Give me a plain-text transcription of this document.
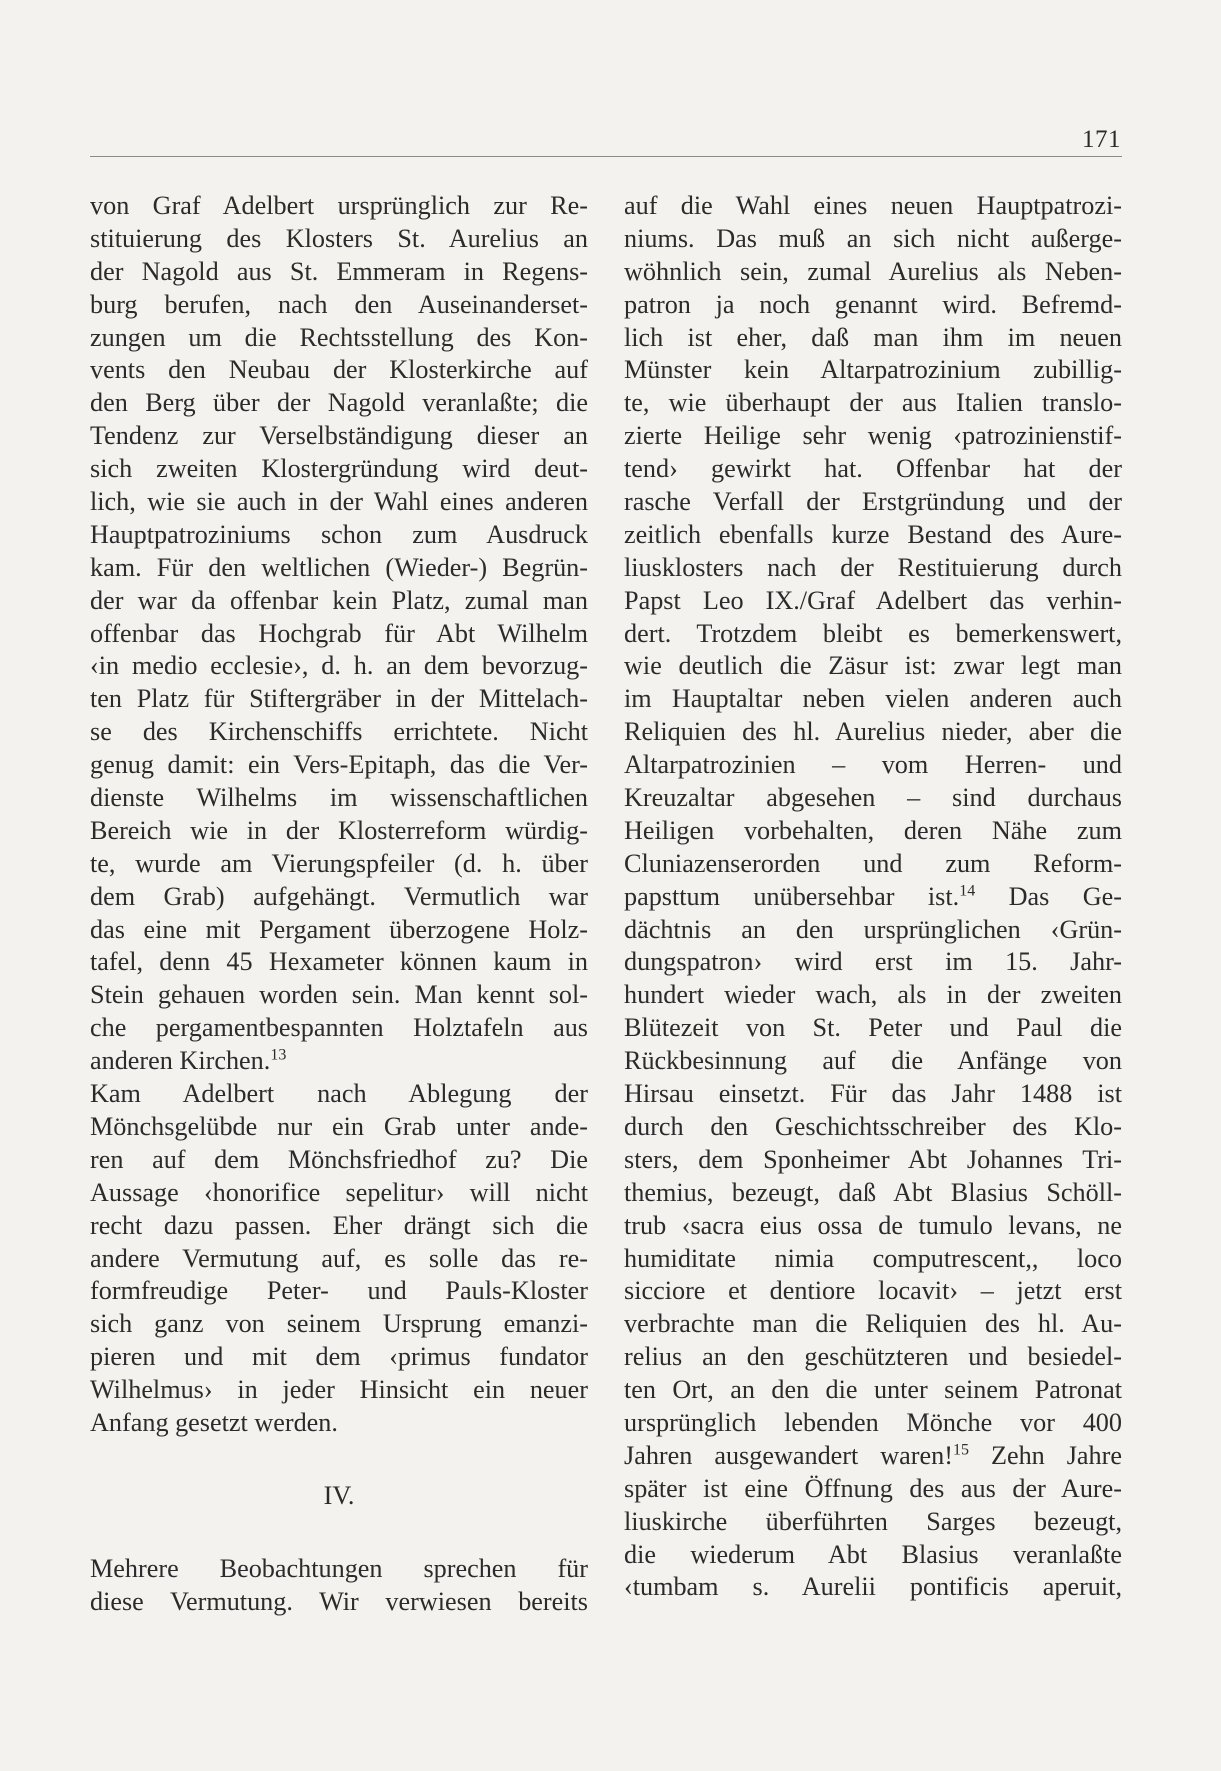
171
von Graf Adelbert ursprünglich zur Re-
stituierung des Klosters St. Aurelius an
der Nagold aus St. Emmeram in Regens-
burg berufen, nach den Auseinanderset-
zungen um die Rechtsstellung des Kon-
vents den Neubau der Klosterkirche auf
den Berg über der Nagold veranlaßte; die
Tendenz zur Verselbständigung dieser an
sich zweiten Klostergründung wird deut-
lich, wie sie auch in der Wahl eines anderen
Hauptpatroziniums schon zum Ausdruck
kam. Für den weltlichen (Wieder-) Begrün-
der war da offenbar kein Platz, zumal man
offenbar das Hochgrab für Abt Wilhelm
‹in medio ecclesie›, d. h. an dem bevorzug-
ten Platz für Stiftergräber in der Mittelach-
se des Kirchenschiffs errichtete. Nicht
genug damit: ein Vers-Epitaph, das die Ver-
dienste Wilhelms im wissenschaftlichen
Bereich wie in der Klosterreform würdig-
te, wurde am Vierungspfeiler (d. h. über
dem Grab) aufgehängt. Vermutlich war
das eine mit Pergament überzogene Holz-
tafel, denn 45 Hexameter können kaum in
Stein gehauen worden sein. Man kennt sol-
che pergamentbespannten Holztafeln aus
anderen Kirchen.$^{13}$
Kam Adelbert nach Ablegung der
Mönchsgelübde nur ein Grab unter ande-
ren auf dem Mönchsfriedhof zu? Die
Aussage ‹honorifice sepelitur› will nicht
recht dazu passen. Eher drängt sich die
andere Vermutung auf, es solle das re-
formfreudige Peter- und Pauls-Kloster
sich ganz von seinem Ursprung emanzi-
pieren und mit dem ‹primus fundator
Wilhelmus› in jeder Hinsicht ein neuer
Anfang gesetzt werden.
IV.
Mehrere Beobachtungen sprechen für
diese Vermutung. Wir verwiesen bereits
auf die Wahl eines neuen Hauptpatrozi-
niums. Das muß an sich nicht außerge-
wöhnlich sein, zumal Aurelius als Neben-
patron ja noch genannt wird. Befremd-
lich ist eher, daß man ihm im neuen
Münster kein Altarpatrozinium zubillig-
te, wie überhaupt der aus Italien translo-
zierte Heilige sehr wenig ‹patrozinienstif-
tend› gewirkt hat. Offenbar hat der
rasche Verfall der Erstgründung und der
zeitlich ebenfalls kurze Bestand des Aure-
liusklosters nach der Restituierung durch
Papst Leo IX./Graf Adelbert das verhin-
dert. Trotzdem bleibt es bemerkenswert,
wie deutlich die Zäsur ist: zwar legt man
im Hauptaltar neben vielen anderen auch
Reliquien des hl. Aurelius nieder, aber die
Altarpatrozinien – vom Herren- und
Kreuzaltar abgesehen – sind durchaus
Heiligen vorbehalten, deren Nähe zum
Cluniazenserorden und zum Reform-
papsttum unübersehbar ist.$^{14}$ Das Ge-
dächtnis an den ursprünglichen ‹Grün-
dungspatron› wird erst im 15. Jahr-
hundert wieder wach, als in der zweiten
Blütezeit von St. Peter und Paul die
Rückbesinnung auf die Anfänge von
Hirsau einsetzt. Für das Jahr 1488 ist
durch den Geschichtsschreiber des Klo-
sters, dem Sponheimer Abt Johannes Tri-
themius, bezeugt, daß Abt Blasius Schöll-
trub ‹sacra eius ossa de tumulo levans, ne
humiditate nimia computrescent,, loco
sicciore et dentiore locavit› – jetzt erst
verbrachte man die Reliquien des hl. Au-
relius an den geschützteren und besiedel-
ten Ort, an den die unter seinem Patronat
ursprünglich lebenden Mönche vor 400
Jahren ausgewandert waren!$^{15}$ Zehn Jahre
später ist eine Öffnung des aus der Aure-
liuskirche überführten Sarges bezeugt,
die wiederum Abt Blasius veranlaßte
‹tumbam s. Aurelii pontificis aperuit,
